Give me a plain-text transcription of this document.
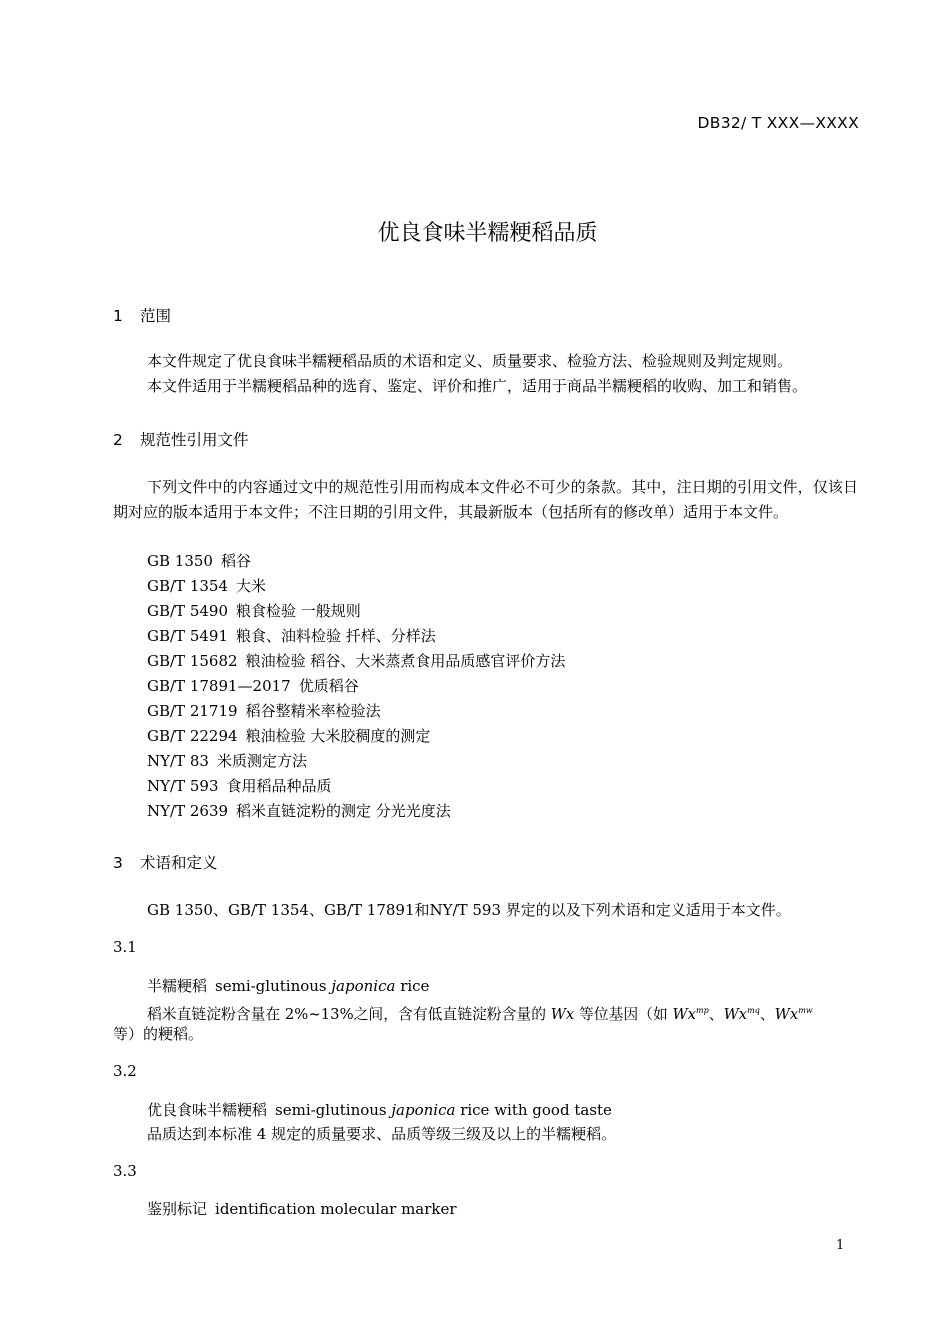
DB32/ T XXX—XXXX
优良食味半糯粳稻品质
1 范围
本文件规定了优良食味半糯粳稻品质的术语和定义、质量要求、检验方法、检验规则及判定规则。
本文件适用于半糯粳稻品种的选育、鉴定、评价和推广，适用于商品半糯粳稻的收购、加工和销售。
2 规范性引用文件
下列文件中的内容通过文中的规范性引用而构成本文件必不可少的条款。其中，注日期的引用文件，仅该日期对应的版本适用于本文件；不注日期的引用文件，其最新版本（包括所有的修改单）适用于本文件。
GB 1350 稻谷
GB/T 1354 大米
GB/T 5490 粮食检验 一般规则
GB/T 5491 粮食、油料检验 扦样、分样法
GB/T 15682 粮油检验 稻谷、大米蒸煮食用品质感官评价方法
GB/T 17891—2017 优质稻谷
GB/T 21719 稻谷整精米率检验法
GB/T 22294 粮油检验 大米胶稠度的测定
NY/T 83 米质测定方法
NY/T 593 食用稻品种品质
NY/T 2639 稻米直链淀粉的测定 分光光度法
3 术语和定义
GB 1350、GB/T 1354、GB/T 17891和NY/T 593 界定的以及下列术语和定义适用于本文件。
3.1
半糯粳稻 semi-glutinous japonica rice
稻米直链淀粉含量在 2%~13%之间，含有低直链淀粉含量的 Wx 等位基因（如 $Wx^{mp}$、$Wx^{mq}$、$Wx^{mw}$
等）的粳稻。
3.2
优良食味半糯粳稻 semi-glutinous japonica rice with good taste
品质达到本标准 4 规定的质量要求、品质等级三级及以上的半糯粳稻。
3.3
鉴别标记 identification molecular marker
1
